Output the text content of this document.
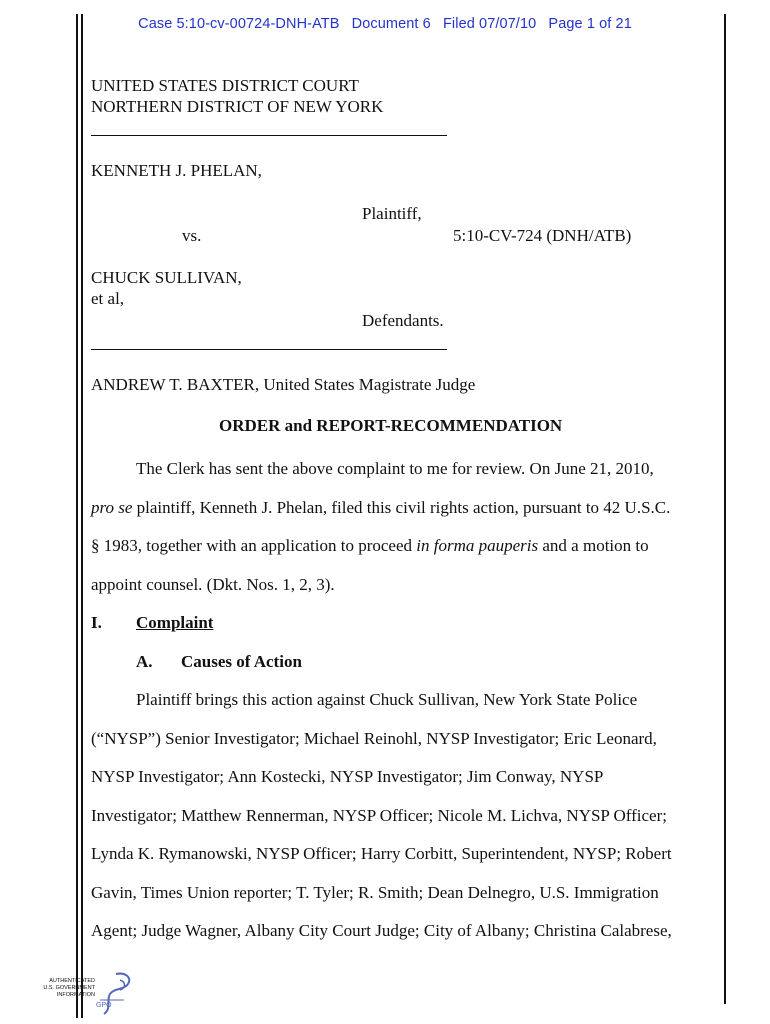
Case 5:10-cv-00724-DNH-ATB Document 6 Filed 07/07/10 Page 1 of 21
UNITED STATES DISTRICT COURT
NORTHERN DISTRICT OF NEW YORK
KENNETH J. PHELAN,
Plaintiff,
vs.	5:10-CV-724 (DNH/ATB)
CHUCK SULLIVAN,
et al,
Defendants.
ANDREW T. BAXTER, United States Magistrate Judge
ORDER and REPORT-RECOMMENDATION
The Clerk has sent the above complaint to me for review. On June 21, 2010,
pro se plaintiff, Kenneth J. Phelan, filed this civil rights action, pursuant to 42 U.S.C.
§ 1983, together with an application to proceed in forma pauperis and a motion to
appoint counsel. (Dkt. Nos. 1, 2, 3).
I. Complaint
A. Causes of Action
Plaintiff brings this action against Chuck Sullivan, New York State Police
(“NYSP”) Senior Investigator; Michael Reinohl, NYSP Investigator; Eric Leonard,
NYSP Investigator; Ann Kostecki, NYSP Investigator; Jim Conway, NYSP
Investigator; Matthew Rennerman, NYSP Officer; Nicole M. Lichva, NYSP Officer;
Lynda K. Rymanowski, NYSP Officer; Harry Corbitt, Superintendent, NYSP; Robert
Gavin, Times Union reporter; T. Tyler; R. Smith; Dean Delnegro, U.S. Immigration
Agent; Judge Wagner, Albany City Court Judge; City of Albany; Christina Calabrese,
AUTHENTICATED
U.S. GOVERNMENT
INFORMATION
GPO
